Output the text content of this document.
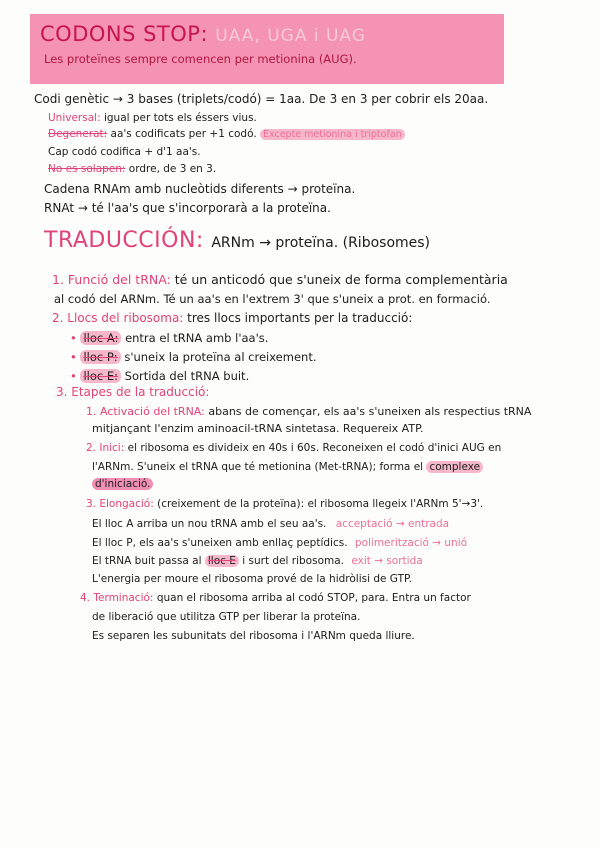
CODONS STOP: UAA, UGA i UAG
Les proteïnes sempre comencen per metionina (AUG).
Codi genètic → 3 bases (triplets/codó) = 1aa. De 3 en 3 per cobrir els 20aa.
Universal: igual per tots els éssers vius.
Degenerat: aa's codificats per +1 codó. Excepte metionina i triptofan
Cap codó codifica + d'1 aa's.
No es solapen: ordre, de 3 en 3.
Cadena RNAm amb nucleòtids diferents → proteïna.
RNAt → té l'aa's que s'incorporarà a la proteïna.
TRADUCCIÓN: ARNm → proteïna. (Ribosomes)
1. Funció del tRNA: té un anticodó que s'uneix de forma complementària
al codó del ARNm. Té un aa's en l'extrem 3' que s'uneix a prot. en formació.
2. Llocs del ribosoma: tres llocs importants per la traducció:
• lloc A: entra el tRNA amb l'aa's.
• lloc P: s'uneix la proteïna al creixement.
• lloc E: Sortida del tRNA buit.
3. Etapes de la traducció:
1. Activació del tRNA: abans de començar, els aa's s'uneixen als respectius tRNA
mitjançant l'enzim aminoacil-tRNA sintetasa. Requereix ATP.
2. Inici: el ribosoma es divideix en 40s i 60s. Reconeixen el codó d'inici AUG en
l'ARNm. S'uneix el tRNA que té metionina (Met-tRNA); forma el complexe
d'iniciació.
3. Elongació: (creixement de la proteïna): el ribosoma llegeix l'ARNm 5'→3'.
El lloc A arriba un nou tRNA amb el seu aa's. acceptació → entrada
El lloc P, els aa's s'uneixen amb enllaç peptídics. polimerització → unió
El tRNA buit passa al lloc E i surt del ribosoma. exit → sortida
L'energia per moure el ribosoma prové de la hidròlisi de GTP.
4. Terminació: quan el ribosoma arriba al codó STOP, para. Entra un factor
de liberació que utilitza GTP per liberar la proteïna.
Es separen les subunitats del ribosoma i l'ARNm queda lliure.
